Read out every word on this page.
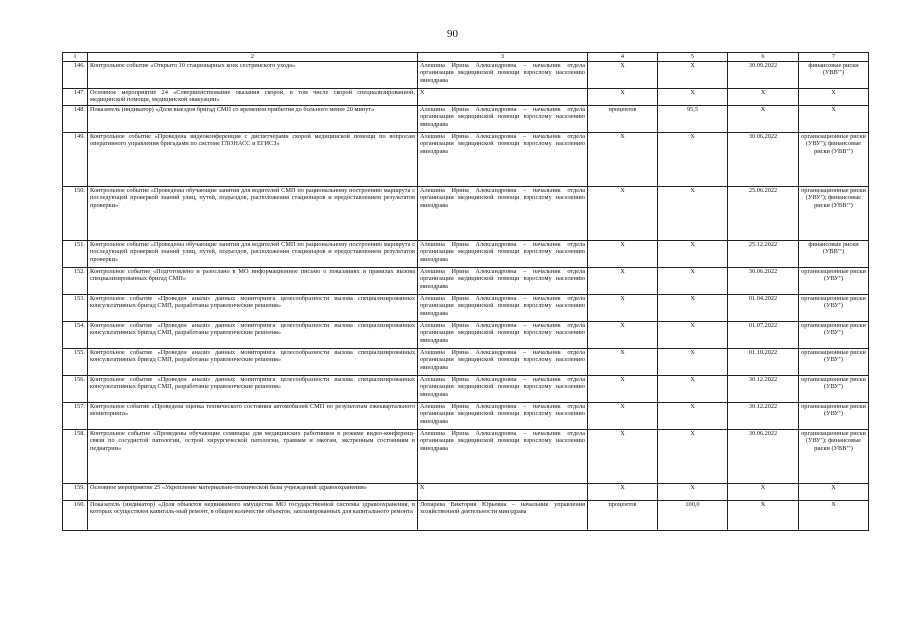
90
1	2	3	4	5	6	7
146.	Контрольное событие «Открыто 10 стационарных коек сестринского ухода»	Алешина Ирина Александровна – начальник отдела организации медицинской помощи взрослому населению минздрава	X	X	30.09.2022	финансовые риски (УВВ**)
147.	Основное мероприятие 24 «Совершенствование оказания скорой, в том числе скорой специализированной, медицинской помощи, медицинской эвакуации»	X	X	X	X	X
148.	Показатель (индикатор) «Доля выездов бригад СМП со временем прибытия до больного менее 20 минут»	Алешина Ирина Александровна – начальник отдела организации медицинской помощи взрослому населению минздрава	процентов	95,5	X	X
149.	Контрольное событие «Проведена видеоконференция с диспетчерами скорой медицинской помощи по вопросам оперативного управления бригадами по системе ГЛОНАСС и ЕГИСЗ»	Алешина Ирина Александровна – начальник отдела организации медицинской помощи взрослому населению минздрава	X	X	30.06.2022	организационные риски (УВУ*); финансовые риски (УВВ**)
150.	Контрольное событие «Проведены обучающие занятия для водителей СМП по рациональному построению маршрута с последующей проверкой знаний улиц, путей, подъездов, расположения стационаров и предоставлением результатов проверки»	Алешина Ирина Александровна – начальник отдела организации медицинской помощи взрослому населению минздрава	X	X	25.06.2022	организационные риски (УВУ*); финансовые риски (УВВ**)
151.	Контрольное событие «Проведены обучающие занятия для водителей СМП по рациональному построению маршрута с последующей проверкой знаний улиц, путей, подъездов, расположения стационаров и предоставлением результатов проверки»	Алешина Ирина Александровна – начальник отдела организации медицинской помощи взрослому населению минздрава	X	X	25.12.2022	финансовые риски (УВВ**)
152.	Контрольное событие «Подготовлено и разослано в МО информационное письмо о показаниях и правилах вызова специализированных бригад СМП»	Алешина Ирина Александровна – начальник отдела организации медицинской помощи взрослому населению минздрава	X	X	30.06.2022	организационные риски (УВУ*)
153.	Контрольное событие «Проведен анализ данных мониторинга целесообразности вызова специализированных консультативных бригад СМП, разработаны управленческие решения»	Алешина Ирина Александровна – начальник отдела организации медицинской помощи взрослому населению минздрава	X	X	01.04.2022	организационные риски (УВУ*)
154.	Контрольное событие «Проведен анализ данных мониторинга целесообразности вызова специализированных консультативных бригад СМП, разработаны управленческие решения»	Алешина Ирина Александровна – начальник отдела организации медицинской помощи взрослому населению минздрава	X	X	01.07.2022	организационные риски (УВУ*)
155.	Контрольное событие «Проведен анализ данных мониторинга целесообразности вызова специализированных консультативных бригад СМП, разработаны управленческие решения»	Алешина Ирина Александровна – начальник отдела организации медицинской помощи взрослому населению минздрава	X	X	01.10.2022	организационные риски (УВУ*)
156.	Контрольное событие «Проведен анализ данных мониторинга целесообразности вызова специализированных консультативных бригад СМП, разработаны управленческие решения»	Алешина Ирина Александровна – начальник отдела организации медицинской помощи взрослому населению минздрава	X	X	30.12.2022	организационные риски (УВУ*)
157.	Контрольное событие «Проведена оценка технического состояния автомобилей СМП по результатам ежеквартального мониторинга»	Алешина Ирина Александровна – начальник отдела организации медицинской помощи взрослому населению минздрава	X	X	30.12.2022	организационные риски (УВУ*)
158.	Контрольное событие «Проведены обучающие семинары для медицинских работников в режиме видео-конференц-связи по сосудистой патологии, острой хирургической патологии, травмам и ожогам, экстренным состояниям в педиатрии»	Алешина Ирина Александровна – начальник отдела организации медицинской помощи взрослому населению минздрава	X	X	30.06.2022	организационные риски (УВУ*); финансовые риски (УВВ**)
159.	Основное мероприятие 25 «Укрепление материально-технической базы учреждений здравоохранения»	X	X	X	X	X
160.	Показатель (индикатор) «Доля объектов недвижимого имущества МО государственной системы здравоохранения, в которых осуществлен капиталь-ный ремонт, в общем количестве объектов, запланированных для капитального ремонта	Лопарева Виктория Юрьевна – начальник управления хозяйственной деятельности минздрава	процентов	100,0	X	X
